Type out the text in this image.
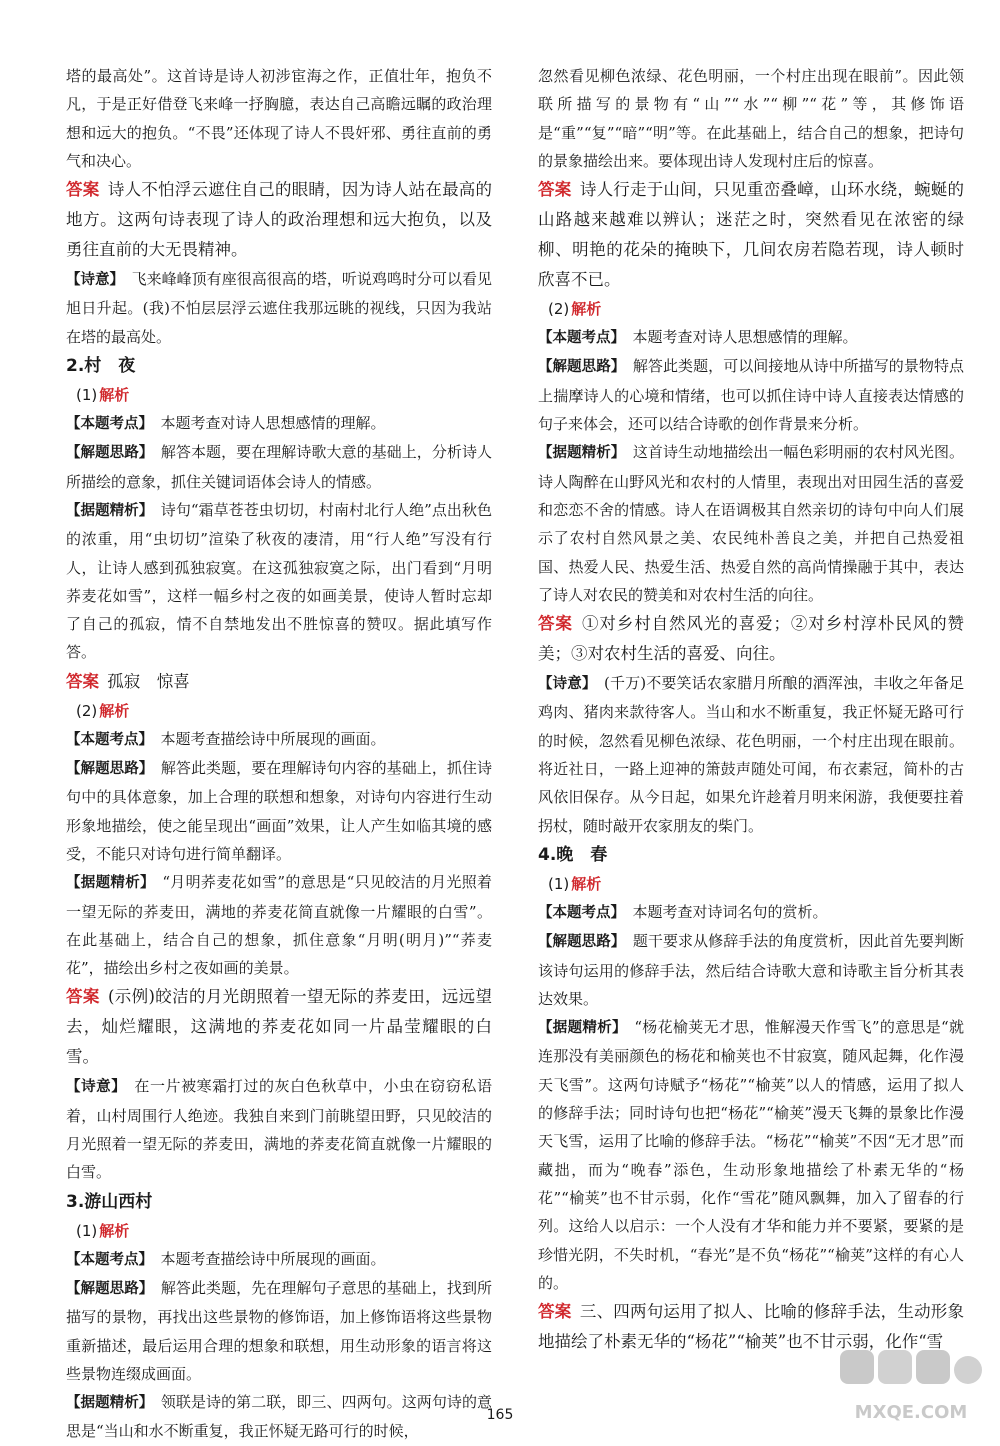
塔的最高处”。这首诗是诗人初涉宦海之作，正值壮年，抱负不凡，于是正好借登飞来峰一抒胸臆，表达自己高瞻远瞩的政治理想和远大的抱负。“不畏”还体现了诗人不畏奸邪、勇往直前的勇气和决心。

答案  诗人不怕浮云遮住自己的眼睛，因为诗人站在最高的地方。这两句诗表现了诗人的政治理想和远大抱负，以及勇往直前的大无畏精神。

【诗意】  飞来峰峰顶有座很高很高的塔，听说鸡鸣时分可以看见旭日升起。(我)不怕层层浮云遮住我那远眺的视线，只因为我站在塔的最高处。

2.村　夜
(1) 解析

【本题考点】  本题考查对诗人思想感情的理解。

【解题思路】  解答本题，要在理解诗歌大意的基础上，分析诗人所描绘的意象，抓住关键词语体会诗人的情感。

【据题精析】  诗句“霜草苍苍虫切切，村南村北行人绝”点出秋色的浓重，用“虫切切”渲染了秋夜的凄清，用“行人绝”写没有行人，让诗人感到孤独寂寞。在这孤独寂寞之际，出门看到“月明荞麦花如雪”，这样一幅乡村之夜的如画美景，使诗人暂时忘却了自己的孤寂，情不自禁地发出不胜惊喜的赞叹。据此填写作答。

答案  孤寂　惊喜

(2) 解析

【本题考点】  本题考查描绘诗中所展现的画面。

【解题思路】  解答此类题，要在理解诗句内容的基础上，抓住诗句中的具体意象，加上合理的联想和想象，对诗句内容进行生动形象地描绘，使之能呈现出“画面”效果，让人产生如临其境的感受，不能只对诗句进行简单翻译。

【据题精析】  “月明荞麦花如雪”的意思是“只见皎洁的月光照着一望无际的荞麦田，满地的荞麦花简直就像一片耀眼的白雪”。在此基础上，结合自己的想象，抓住意象“月明(明月)”“荞麦花”，描绘出乡村之夜如画的美景。

答案  (示例)皎洁的月光朗照着一望无际的荞麦田，远远望去，灿烂耀眼，这满地的荞麦花如同一片晶莹耀眼的白雪。

【诗意】  在一片被寒霜打过的灰白色秋草中，小虫在窃窃私语着，山村周围行人绝迹。我独自来到门前眺望田野，只见皎洁的月光照着一望无际的荞麦田，满地的荞麦花简直就像一片耀眼的白雪。

3.游山西村
(1) 解析

【本题考点】  本题考查描绘诗中所展现的画面。

【解题思路】  解答此类题，先在理解句子意思的基础上，找到所描写的景物，再找出这些景物的修饰语，加上修饰语将这些景物重新描述，最后运用合理的想象和联想，用生动形象的语言将这些景物连缀成画面。

【据题精析】  领联是诗的第二联，即三、四两句。这两句诗的意思是“当山和水不断重复，我正怀疑无路可行的时候，

忽然看见柳色浓绿、花色明丽，一个村庄出现在眼前”。因此领联所描写的景物有“山”“水”“柳”“花”等，其修饰语是“重”“复”“暗”“明”等。在此基础上，结合自己的想象，把诗句的景象描绘出来。要体现出诗人发现村庄后的惊喜。

答案  诗人行走于山间，只见重峦叠嶂，山环水绕，蜿蜒的山路越来越难以辨认；迷茫之时，突然看见在浓密的绿柳、明艳的花朵的掩映下，几间农房若隐若现，诗人顿时欣喜不已。

(2) 解析

【本题考点】  本题考查对诗人思想感情的理解。

【解题思路】  解答此类题，可以间接地从诗中所描写的景物特点上揣摩诗人的心境和情绪，也可以抓住诗中诗人直接表达情感的句子来体会，还可以结合诗歌的创作背景来分析。

【据题精析】  这首诗生动地描绘出一幅色彩明丽的农村风光图。诗人陶醉在山野风光和农村的人情里，表现出对田园生活的喜爱和恋恋不舍的情感。诗人在语调极其自然亲切的诗句中向人们展示了农村自然风景之美、农民纯朴善良之美，并把自己热爱祖国、热爱人民、热爱生活、热爱自然的高尚情操融于其中，表达了诗人对农民的赞美和对农村生活的向往。

答案  ①对乡村自然风光的喜爱；②对乡村淳朴民风的赞美；③对农村生活的喜爱、向往。

【诗意】  (千万)不要笑话农家腊月所酿的酒浑浊，丰收之年备足鸡肉、猪肉来款待客人。当山和水不断重复，我正怀疑无路可行的时候，忽然看见柳色浓绿、花色明丽，一个村庄出现在眼前。将近社日，一路上迎神的箫鼓声随处可闻，布衣素冠，简朴的古风依旧保存。从今日起，如果允许趁着月明来闲游，我便要拄着拐杖，随时敲开农家朋友的柴门。

4.晚　春
(1) 解析

【本题考点】  本题考查对诗词名句的赏析。

【解题思路】  题干要求从修辞手法的角度赏析，因此首先要判断该诗句运用的修辞手法，然后结合诗歌大意和诗歌主旨分析其表达效果。

【据题精析】  “杨花榆荚无才思，惟解漫天作雪飞”的意思是“就连那没有美丽颜色的杨花和榆荚也不甘寂寞，随风起舞，化作漫天飞雪”。这两句诗赋予“杨花”“榆荚”以人的情感，运用了拟人的修辞手法；同时诗句也把“杨花”“榆荚”漫天飞舞的景象比作漫天飞雪，运用了比喻的修辞手法。“杨花”“榆荚”不因“无才思”而藏拙，而为“晚春”添色，生动形象地描绘了朴素无华的“杨花”“榆荚”也不甘示弱，化作“雪花”随风飘舞，加入了留春的行列。这给人以启示：一个人没有才华和能力并不要紧，要紧的是珍惜光阴，不失时机，“春光”是不负“杨花”“榆荚”这样的有心人的。

答案  三、四两句运用了拟人、比喻的修辞手法，生动形象地描绘了朴素无华的“杨花”“榆荚”也不甘示弱，化作“雪

165	MXQE.COM
